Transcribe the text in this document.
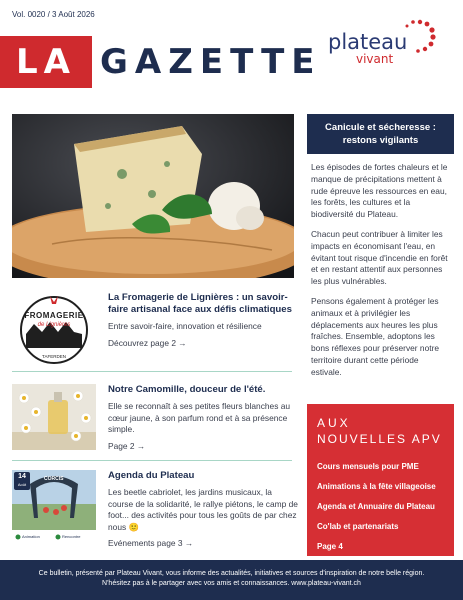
Vol. 0020 / 3 Août 2026
LA GAZETTE plateau
vivant
Canicule et sécheresse : restons vigilants

Les épisodes de fortes chaleurs et le manque de précipitations mettent à rude épreuve les ressources en eau, les forêts, les cultures et la biodiversité du Plateau.

Chacun peut contribuer à limiter les impacts en économisant l'eau, en évitant tout risque d'incendie en forêt et en restant attentif aux personnes les plus vulnérables.

Pensons également à protéger les animaux et à privilégier les déplacements aux heures les plus fraîches. Ensemble, adoptons les bons réflexes pour préserver notre territoire durant cette période estivale.

FROMAGERIE
de Lignières
TAFERDEN
La Fromagerie de Lignières : un savoir-faire artisanal face aux défis climatiques

Entre savoir-faire, innovation et résilience

Découvrez page 2 →
Notre Camomille, douceur de l'été.

Elle se reconnaît à ses petites fleurs blanches au cœur jaune, à son parfum rond et à sa présence simple.

Page 2 →
14
Août
CORCIS
Animation	Rencontre
Agenda du Plateau

Les beetle cabriolet, les jardins musicaux, la course de la solidarité, le rallye piétons, le camp de foot... des activités pour tous les goûts de par chez nous 🙂

Evénements page 3 →
AUX
NOUVELLES APV
Cours mensuels pour PME
Animations à la fête villageoise
Agenda et Annuaire du Plateau
Co'lab et partenariats
Page 4
Ce bulletin, présenté par Plateau Vivant, vous informe des actualités, initiatives et sources d'inspiration de notre belle région.
N'hésitez pas à le partager avec vos amis et connaissances. www.plateau-vivant.ch
